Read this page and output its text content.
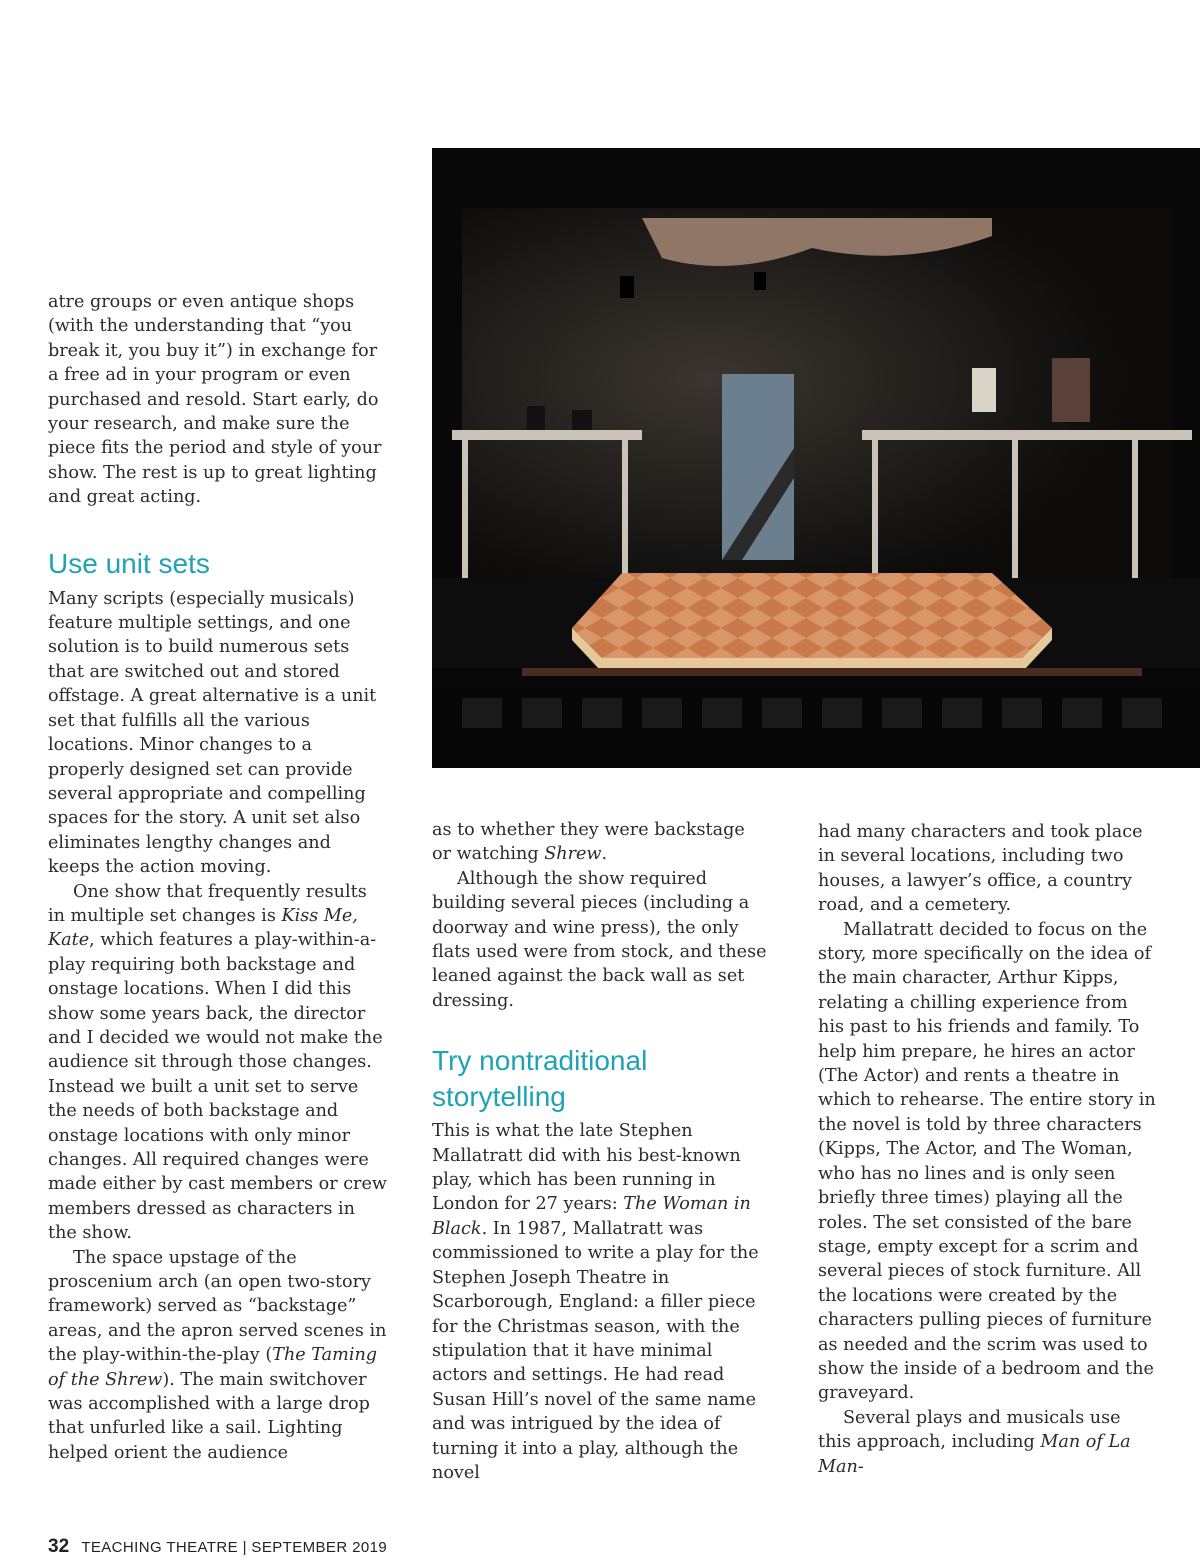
atre groups or even antique shops (with the understanding that “you break it, you buy it”) in exchange for a free ad in your program or even purchased and resold. Start early, do your research, and make sure the piece fits the period and style of your show. The rest is up to great lighting and great acting.

Use unit sets

Many scripts (especially musicals) feature multiple settings, and one solution is to build numerous sets that are switched out and stored offstage. A great alternative is a unit set that fulfills all the various locations. Minor changes to a properly designed set can provide several appropriate and compelling spaces for the story. A unit set also eliminates lengthy changes and keeps the action moving.

One show that frequently results in multiple set changes is Kiss Me, Kate, which features a play-within-a-play requiring both backstage and onstage locations. When I did this show some years back, the director and I decided we would not make the audience sit through those changes. Instead we built a unit set to serve the needs of both backstage and onstage locations with only minor changes. All required changes were made either by cast members or crew members dressed as characters in the show.

The space upstage of the proscenium arch (an open two-story framework) served as “backstage” areas, and the apron served scenes in the play-within-the-play (The Taming of the Shrew). The main switchover was accomplished with a large drop that unfurled like a sail. Lighting helped orient the audience

as to whether they were backstage or watching Shrew.

Although the show required building several pieces (including a doorway and wine press), the only flats used were from stock, and these leaned against the back wall as set dressing.

Try nontraditional storytelling

This is what the late Stephen Mallatratt did with his best-known play, which has been running in London for 27 years: The Woman in Black. In 1987, Mallatratt was commissioned to write a play for the Stephen Joseph Theatre in Scarborough, England: a filler piece for the Christmas season, with the stipulation that it have minimal actors and settings. He had read Susan Hill’s novel of the same name and was intrigued by the idea of turning it into a play, although the novel

had many characters and took place in several locations, including two houses, a lawyer’s office, a country road, and a cemetery.

Mallatratt decided to focus on the story, more specifically on the idea of the main character, Arthur Kipps, relating a chilling experience from his past to his friends and family. To help him prepare, he hires an actor (The Actor) and rents a theatre in which to rehearse. The entire story in the novel is told by three characters (Kipps, The Actor, and The Woman, who has no lines and is only seen briefly three times) playing all the roles. The set consisted of the bare stage, empty except for a scrim and several pieces of stock furniture. All the locations were created by the characters pulling pieces of furniture as needed and the scrim was used to show the inside of a bedroom and the graveyard.

Several plays and musicals use this approach, including Man of La Man-

32 TEACHING THEATRE | SEPTEMBER 2019
